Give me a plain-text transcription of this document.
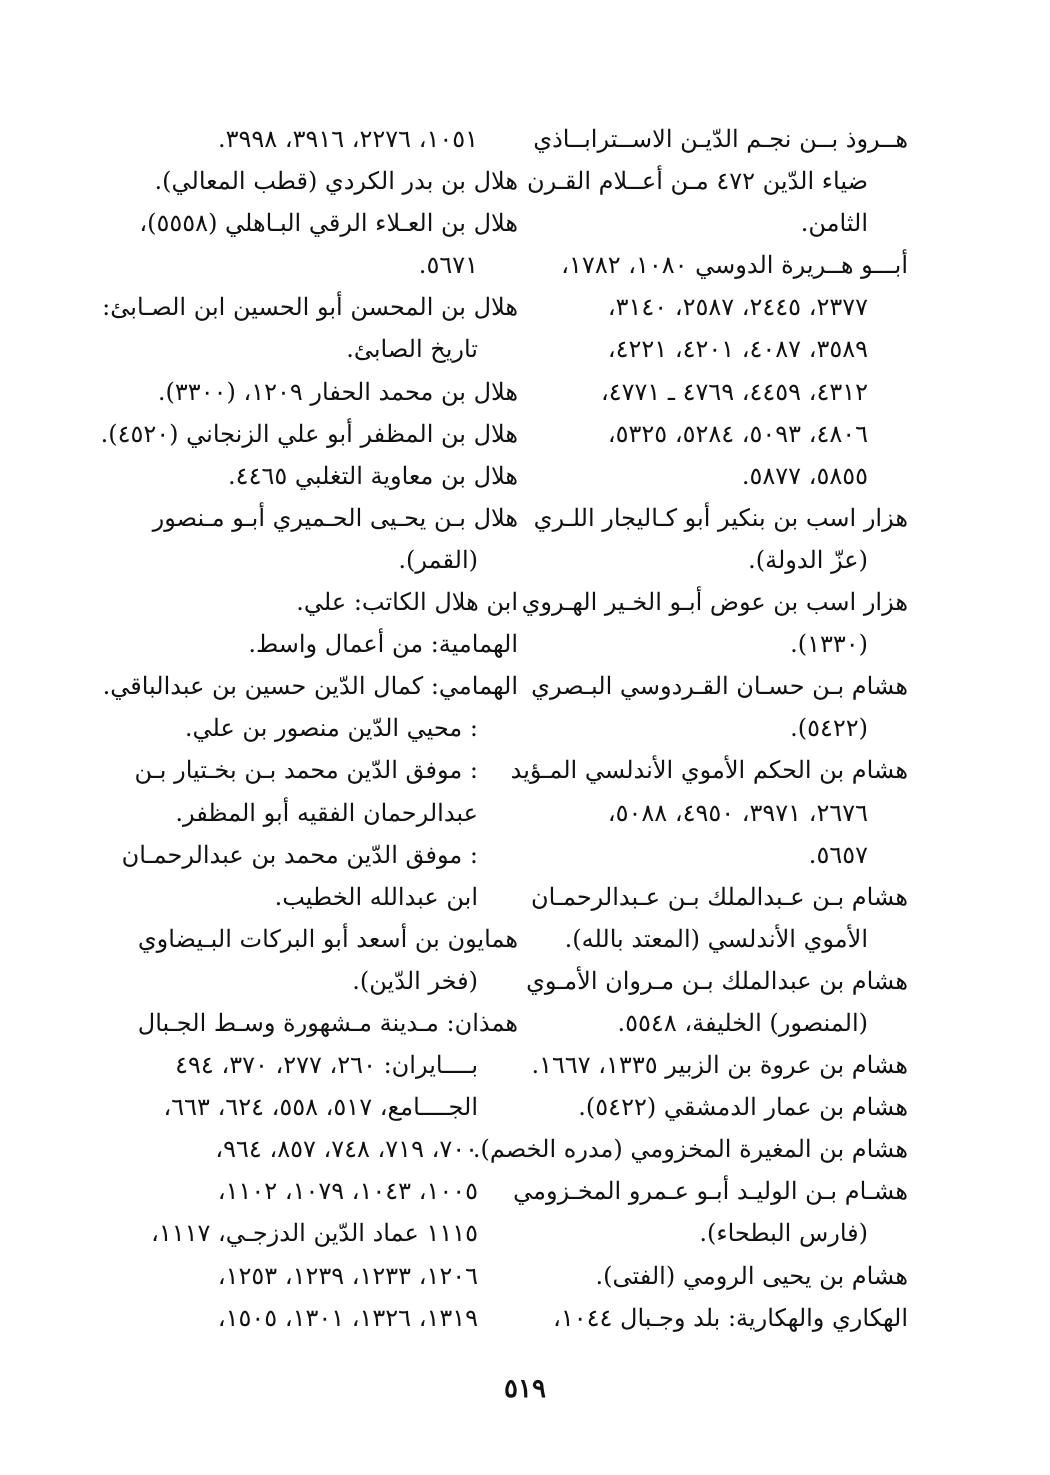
هــروذ بــن نجـم الدّيـن الاســترابــاذي
ضياء الدّين ٤٧٢ مـن أعــلام القـرن
الثامن.
أبـــو هــريرة الدوسي ١٠٨٠، ١٧٨٢،
٢٣٧٧، ٢٤٤٥، ٢٥٨٧، ٣١٤٠،
٣٥٨٩، ٤٠٨٧، ٤٢٠١، ٤٢٢١،
٤٣١٢، ٤٤٥٩، ٤٧٦٩ ـ ٤٧٧١،
٤٨٠٦، ٥٠٩٣، ٥٢٨٤، ٥٣٢٥،
٥٨٥٥، ٥٨٧٧.
هزار اسب بن بنكير أبو كـاليجار اللـري
(عزّ الدولة).
هزار اسب بن عوض أبـو الخـير الهـروي
(١٣٣٠).
هشام بـن حسـان القـردوسي البـصري
(٥٤٢٢).
هشام بن الحكم الأموي الأندلسي المـؤيد
٢٦٧٦، ٣٩٧١، ٤٩٥٠، ٥٠٨٨،
٥٦٥٧.
هشام بـن عـبدالملك بـن عـبدالرحمـان
الأموي الأندلسي (المعتد بالله).
هشام بن عبدالملك بـن مـروان الأمـوي
(المنصور) الخليفة، ٥٥٤٨.
هشام بن عروة بن الزبير ١٣٣٥، ١٦٦٧.
هشام بن عمار الدمشقي (٥٤٢٢).
هشام بن المغيرة المخزومي (مدره الخصم).
هشـام بـن الوليـد أبـو عـمرو المخـزومي
(فارس البطحاء).
هشام بن يحيى الرومي (الفتى).
الهكاري والهكارية: بلد وجـبال ١٠٤٤،
١٠٥١، ٢٢٧٦، ٣٩١٦، ٣٩٩٨.
هلال بن بدر الكردي (قطب المعالي).
هلال بن العـلاء الرقي البـاهلي (٥٥٥٨)،
٥٦٧١.
هلال بن المحسن أبو الحسين ابن الصـابئ:
تاريخ الصابئ.
هلال بن محمد الحفار ١٢٠٩، (٣٣٠٠).
هلال بن المظفر أبو علي الزنجاني (٤٥٢٠).
هلال بن معاوية التغلبي ٤٤٦٥.
هلال بـن يحـيى الحـميري أبـو مـنصور
(القمر).
ابن هلال الكاتب: علي.
الهمامية: من أعمال واسط.
الهمامي: كمال الدّين حسين بن عبدالباقي.
: محيي الدّين منصور بن علي.
: موفق الدّين محمد بـن بخـتيار بـن
عبدالرحمان الفقيه أبو المظفر.
: موفق الدّين محمد بن عبدالرحمـان
ابن عبدالله الخطيب.
همايون بن أسعد أبو البركات البـيضاوي
(فخر الدّين).
همذان: مـدينة مـشهورة وسـط الجـبال
بــــايران: ٢٦٠، ٢٧٧، ٣٧٠، ٤٩٤
الجــــامع، ٥١٧، ٥٥٨، ٦٢٤، ٦٦٣،
٧٠٠، ٧١٩، ٧٤٨، ٨٥٧، ٩٦٤،
١٠٠٥، ١٠٤٣، ١٠٧٩، ١١٠٢،
١١١٥ عماد الدّين الدزجـي، ١١١٧،
١٢٠٦، ١٢٣٣، ١٢٣٩، ١٢٥٣،
١٣١٩، ١٣٢٦، ١٣٠١، ١٥٠٥،
٥١٩
